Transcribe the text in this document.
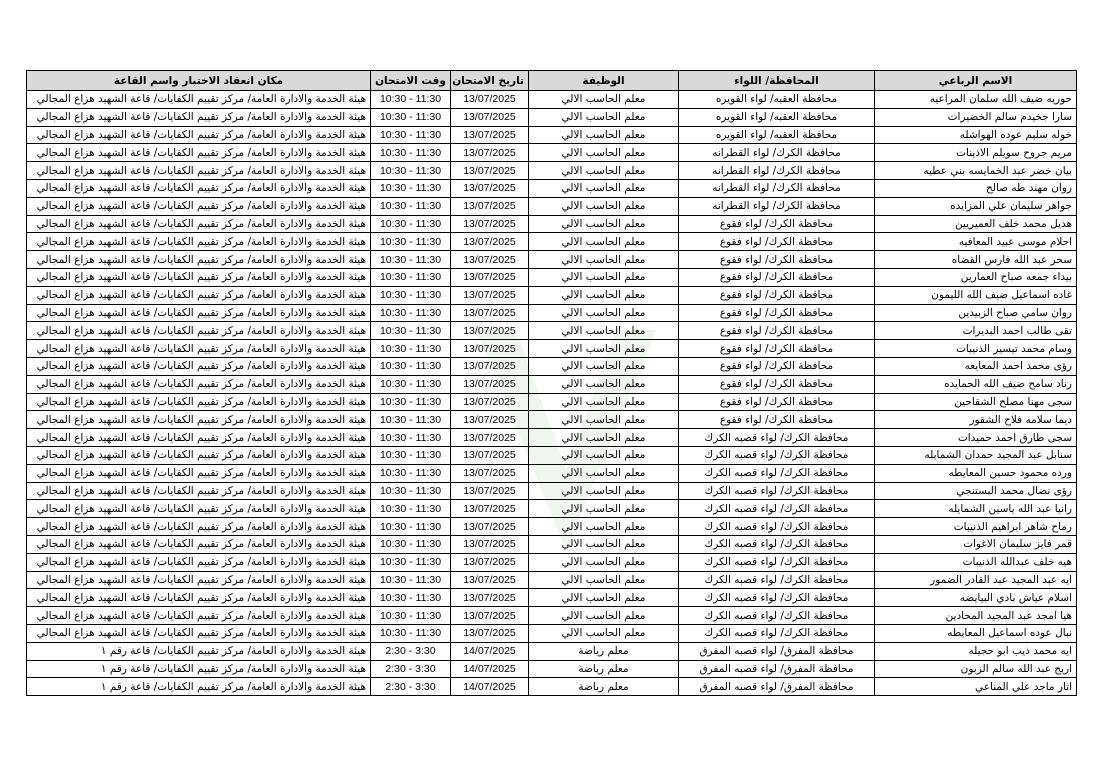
الاسم الرباعي	المحافظة/ اللواء	الوظيفة	تاريخ الامتحان	وقت الامتحان	مكان انعقاد الاختبار واسم القاعة
حوريه ضيف الله سلمان المراعيه	محافظة العقبه/ لواء القويره	معلم الحاسب الالي	13/07/2025	10:30 - 11:30	هيئة الخدمة والادارة العامة/ مركز تقييم الكفايات/ قاعة الشهيد هزاع المجالي
سارا جخيدم سالم الخضيرات	محافظة العقبه/ لواء القويره	معلم الحاسب الالي	13/07/2025	10:30 - 11:30	هيئة الخدمة والادارة العامة/ مركز تقييم الكفايات/ قاعة الشهيد هزاع المجالي
خوله سليم عوده الهواشله	محافظة العقبه/ لواء القويره	معلم الحاسب الالي	13/07/2025	10:30 - 11:30	هيئة الخدمة والادارة العامة/ مركز تقييم الكفايات/ قاعة الشهيد هزاع المجالي
مريم جروح سويلم الاذينات	محافظة الكرك/ لواء القطرانه	معلم الحاسب الالي	13/07/2025	10:30 - 11:30	هيئة الخدمة والادارة العامة/ مركز تقييم الكفايات/ قاعة الشهيد هزاع المجالي
بيان خضر عبد الخمايسه بني عطيه	محافظة الكرك/ لواء القطرانه	معلم الحاسب الالي	13/07/2025	10:30 - 11:30	هيئة الخدمة والادارة العامة/ مركز تقييم الكفايات/ قاعة الشهيد هزاع المجالي
روان مهند طه صالح	محافظة الكرك/ لواء القطرانه	معلم الحاسب الالي	13/07/2025	10:30 - 11:30	هيئة الخدمة والادارة العامة/ مركز تقييم الكفايات/ قاعة الشهيد هزاع المجالي
جواهر سليمان علي المزايده	محافظة الكرك/ لواء القطرانه	معلم الحاسب الالي	13/07/2025	10:30 - 11:30	هيئة الخدمة والادارة العامة/ مركز تقييم الكفايات/ قاعة الشهيد هزاع المجالي
هديل محمد خلف العميريين	محافظة الكرك/ لواء فقوع	معلم الحاسب الالي	13/07/2025	10:30 - 11:30	هيئة الخدمة والادارة العامة/ مركز تقييم الكفايات/ قاعة الشهيد هزاع المجالي
احلام موسى عبيد المعافيه	محافظة الكرك/ لواء فقوع	معلم الحاسب الالي	13/07/2025	10:30 - 11:30	هيئة الخدمة والادارة العامة/ مركز تقييم الكفايات/ قاعة الشهيد هزاع المجالي
سحر عبد الله فارس القضاه	محافظة الكرك/ لواء فقوع	معلم الحاسب الالي	13/07/2025	10:30 - 11:30	هيئة الخدمة والادارة العامة/ مركز تقييم الكفايات/ قاعة الشهيد هزاع المجالي
بيداء جمعه صباح العمارين	محافظة الكرك/ لواء فقوع	معلم الحاسب الالي	13/07/2025	10:30 - 11:30	هيئة الخدمة والادارة العامة/ مركز تقييم الكفايات/ قاعة الشهيد هزاع المجالي
غاده اسماعيل ضيف الله الليمون	محافظة الكرك/ لواء فقوع	معلم الحاسب الالي	13/07/2025	10:30 - 11:30	هيئة الخدمة والادارة العامة/ مركز تقييم الكفايات/ قاعة الشهيد هزاع المجالي
روان سامي صباح الزبيدين	محافظة الكرك/ لواء فقوع	معلم الحاسب الالي	13/07/2025	10:30 - 11:30	هيئة الخدمة والادارة العامة/ مركز تقييم الكفايات/ قاعة الشهيد هزاع المجالي
تقى طالب احمد البديرات	محافظة الكرك/ لواء فقوع	معلم الحاسب الالي	13/07/2025	10:30 - 11:30	هيئة الخدمة والادارة العامة/ مركز تقييم الكفايات/ قاعة الشهيد هزاع المجالي
وسام محمد تيسير الذنيبات	محافظة الكرك/ لواء فقوع	معلم الحاسب الالي	13/07/2025	10:30 - 11:30	هيئة الخدمة والادارة العامة/ مركز تقييم الكفايات/ قاعة الشهيد هزاع المجالي
رؤى محمد احمد المعايعه	محافظة الكرك/ لواء فقوع	معلم الحاسب الالي	13/07/2025	10:30 - 11:30	هيئة الخدمة والادارة العامة/ مركز تقييم الكفايات/ قاعة الشهيد هزاع المجالي
رناد سامح ضيف الله الحمايده	محافظة الكرك/ لواء فقوع	معلم الحاسب الالي	13/07/2025	10:30 - 11:30	هيئة الخدمة والادارة العامة/ مركز تقييم الكفايات/ قاعة الشهيد هزاع المجالي
سجى مهنا مصلح الشقاحين	محافظة الكرك/ لواء فقوع	معلم الحاسب الالي	13/07/2025	10:30 - 11:30	هيئة الخدمة والادارة العامة/ مركز تقييم الكفايات/ قاعة الشهيد هزاع المجالي
ديما سلامه فلاح الشقور	محافظة الكرك/ لواء فقوع	معلم الحاسب الالي	13/07/2025	10:30 - 11:30	هيئة الخدمة والادارة العامة/ مركز تقييم الكفايات/ قاعة الشهيد هزاع المجالي
سجى طارق احمد حميدات	محافظة الكرك/ لواء قصبه الكرك	معلم الحاسب الالي	13/07/2025	10:30 - 11:30	هيئة الخدمة والادارة العامة/ مركز تقييم الكفايات/ قاعة الشهيد هزاع المجالي
سنابل عبد المجيد حمدان الشمايله	محافظة الكرك/ لواء قصبه الكرك	معلم الحاسب الالي	13/07/2025	10:30 - 11:30	هيئة الخدمة والادارة العامة/ مركز تقييم الكفايات/ قاعة الشهيد هزاع المجالي
ورده محمود حسين المعايطه	محافظة الكرك/ لواء قصبه الكرك	معلم الحاسب الالي	13/07/2025	10:30 - 11:30	هيئة الخدمة والادارة العامة/ مركز تقييم الكفايات/ قاعة الشهيد هزاع المجالي
رؤى نضال محمد البستنجي	محافظة الكرك/ لواء قصبه الكرك	معلم الحاسب الالي	13/07/2025	10:30 - 11:30	هيئة الخدمة والادارة العامة/ مركز تقييم الكفايات/ قاعة الشهيد هزاع المجالي
رانيا عبد الله ياسين الشمايله	محافظة الكرك/ لواء قصبه الكرك	معلم الحاسب الالي	13/07/2025	10:30 - 11:30	هيئة الخدمة والادارة العامة/ مركز تقييم الكفايات/ قاعة الشهيد هزاع المجالي
رماح شاهر ابراهيم الذنيبات	محافظة الكرك/ لواء قصبه الكرك	معلم الحاسب الالي	13/07/2025	10:30 - 11:30	هيئة الخدمة والادارة العامة/ مركز تقييم الكفايات/ قاعة الشهيد هزاع المجالي
قمر فايز سليمان الاغوات	محافظة الكرك/ لواء قصبه الكرك	معلم الحاسب الالي	13/07/2025	10:30 - 11:30	هيئة الخدمة والادارة العامة/ مركز تقييم الكفايات/ قاعة الشهيد هزاع المجالي
هيه خلف عبدالله الذنيبات	محافظة الكرك/ لواء قصبه الكرك	معلم الحاسب الالي	13/07/2025	10:30 - 11:30	هيئة الخدمة والادارة العامة/ مركز تقييم الكفايات/ قاعة الشهيد هزاع المجالي
ايه عبد المجيد عبد القادر الضمور	محافظة الكرك/ لواء قصبه الكرك	معلم الحاسب الالي	13/07/2025	10:30 - 11:30	هيئة الخدمة والادارة العامة/ مركز تقييم الكفايات/ قاعة الشهيد هزاع المجالي
اسلام عياش بادي البيايضه	محافظة الكرك/ لواء قصبه الكرك	معلم الحاسب الالي	13/07/2025	10:30 - 11:30	هيئة الخدمة والادارة العامة/ مركز تقييم الكفايات/ قاعة الشهيد هزاع المجالي
هيا امجد عبد المجيد المحادين	محافظة الكرك/ لواء قصبه الكرك	معلم الحاسب الالي	13/07/2025	10:30 - 11:30	هيئة الخدمة والادارة العامة/ مركز تقييم الكفايات/ قاعة الشهيد هزاع المجالي
نبال عوده اسماعيل المعايطه	محافظة الكرك/ لواء قصبه الكرك	معلم الحاسب الالي	13/07/2025	10:30 - 11:30	هيئة الخدمة والادارة العامة/ مركز تقييم الكفايات/ قاعة الشهيد هزاع المجالي
ايه محمد ذيب ابو حجيله	محافظة المفرق/ لواء قصبه المفرق	معلم رياضة	14/07/2025	2:30 - 3:30	هيئة الخدمة والادارة العامة/ مركز تقييم الكفايات/ قاعة رقم ١
اريج عبد الله سالم الزبون	محافظة المفرق/ لواء قصبه المفرق	معلم رياضة	14/07/2025	2:30 - 3:30	هيئة الخدمة والادارة العامة/ مركز تقييم الكفايات/ قاعة رقم ١
اثار ماجد علي المناعي	محافظة المفرق/ لواء قصبه المفرق	معلم رياضة	14/07/2025	2:30 - 3:30	هيئة الخدمة والادارة العامة/ مركز تقييم الكفايات/ قاعة رقم ١
